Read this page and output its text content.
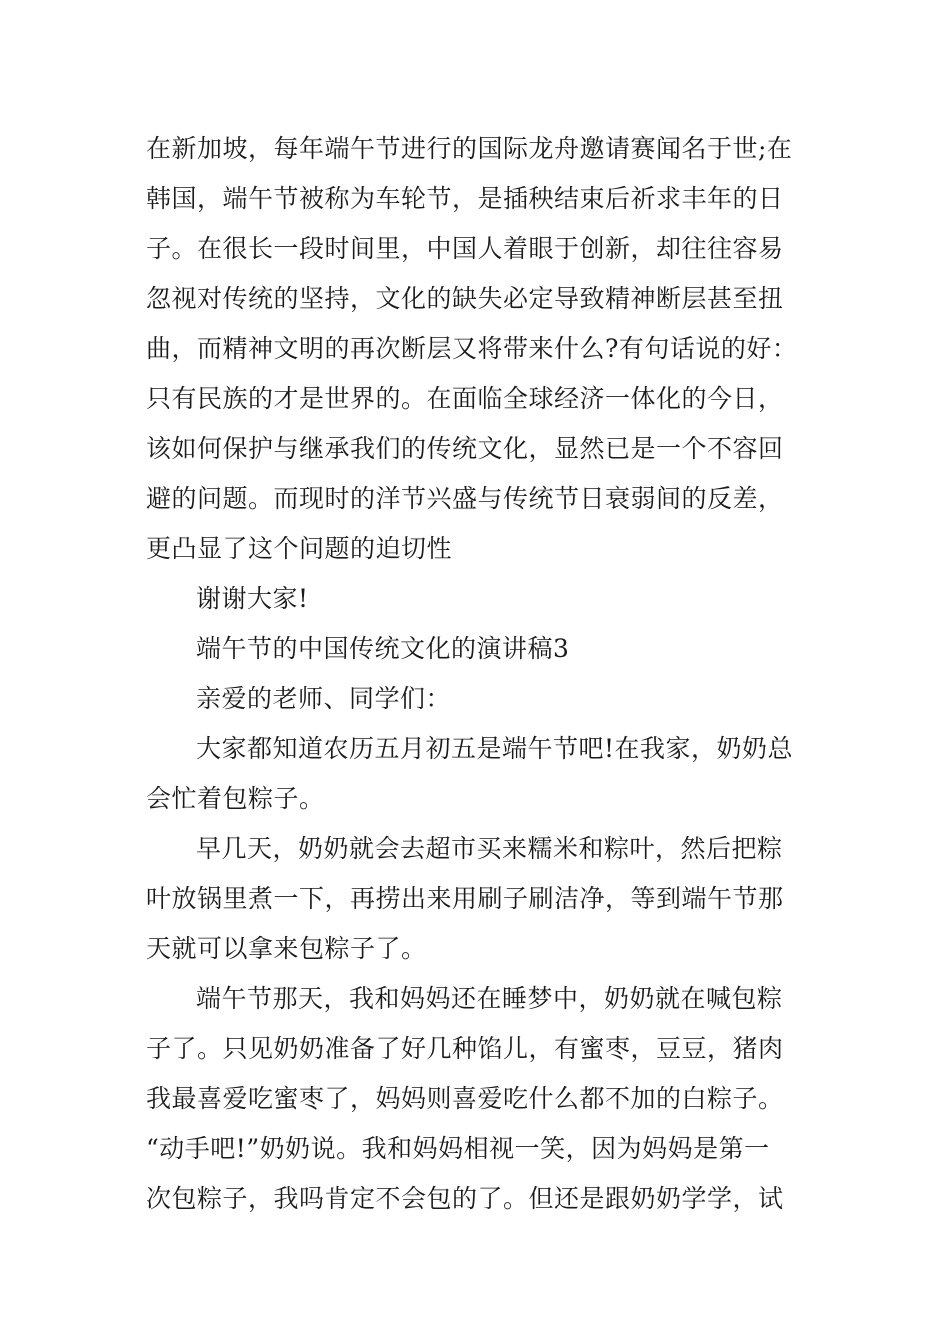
在新加坡，每年端午节进行的国际龙舟邀请赛闻名于世;在
韩国，端午节被称为车轮节，是插秧结束后祈求丰年的日
子。在很长一段时间里，中国人着眼于创新，却往往容易
忽视对传统的坚持，文化的缺失必定导致精神断层甚至扭
曲，而精神文明的再次断层又将带来什么?有句话说的好：
只有民族的才是世界的。在面临全球经济一体化的今日，
该如何保护与继承我们的传统文化，显然已是一个不容回
避的问题。而现时的洋节兴盛与传统节日衰弱间的反差，
更凸显了这个问题的迫切性
谢谢大家!
端午节的中国传统文化的演讲稿3
亲爱的老师、同学们：
大家都知道农历五月初五是端午节吧!在我家，奶奶总
会忙着包粽子。
早几天，奶奶就会去超市买来糯米和粽叶，然后把粽
叶放锅里煮一下，再捞出来用刷子刷洁净，等到端午节那
天就可以拿来包粽子了。
端午节那天，我和妈妈还在睡梦中，奶奶就在喊包粽
子了。只见奶奶准备了好几种馅儿，有蜜枣，豆豆，猪肉
我最喜爱吃蜜枣了，妈妈则喜爱吃什么都不加的白粽子。
“动手吧!”奶奶说。我和妈妈相视一笑，因为妈妈是第一
次包粽子，我吗肯定不会包的了。但还是跟奶奶学学，试
